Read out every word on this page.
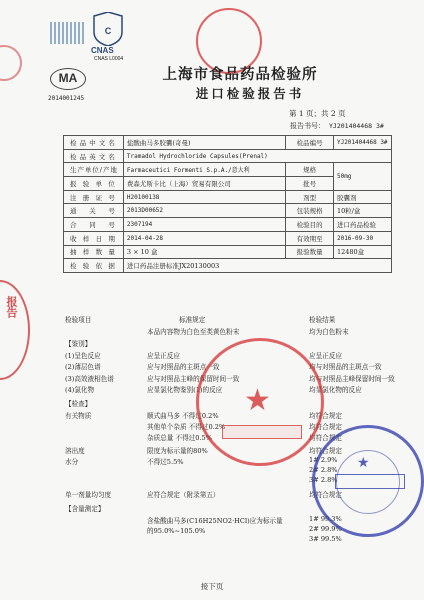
C
CNAS
CNAS L0004
MA
2014001245
上海市食品药品检验所
进口检验报告书
第 1 页；共 2 页
报告书号： YJ201404468 3#
检品中文名	盐酸曲马多胶囊(奇曼)	检品编号	YJ201404468 3#
检品英文名	Tramadol Hydrochloride Capsules(Prenal)		
生产单位/产地	Farmaceutici Formenti S.p.A./意大利	规格	50mg
报验单位	费森尤斯卡比（上海）贸易有限公司	批号	
注册证号	H20100138	剂型	胶囊剂
通关号	2013D00652	包装规格	10粒/盒
合同号	2307194	检验目的	进口药品检验
收样日期	2014-04-28	有效期至	2016-09-30
抽样数量	3 × 10 盒	报验数量	12480盒
检验依据	进口药品注册标准JX20130003		
检验项目	标准规定	检验结果
本品内容物为白色至类黄色粉末	均为白色粉末
【鉴别】
(1)呈色反应	应呈正反应	应呈正反应
(2)薄层色谱	应与对照品的主斑点一致	均与对照品的主斑点一致
(3)高效液相色谱	应与对照品主峰的保留时间一致	均与对照品主峰保留时间一致
(4)氯化物	应显氯化物鉴别(1)的反应	均显氯化物的反应
【检查】
有关物质	顺式曲马多 不得过0.2%	均符合规定
其他单个杂质 不得过0.2%	均符合规定
杂质总量 不得过0.5%	均符合规定
溶出度	限度为标示量的80%	均符合规定
水分	不得过5.5%	1# 2.9%
2# 2.8%
3# 2.8%
单一剂量均匀度	应符合规定（附录第五）	均符合规定
【含量测定】
含盐酸曲马多(C16H25NO2·HCl)应为标示量	1# 99.3%
的95.0%~105.0%	2# 99.9%
3# 99.5%
报告
★
★
接下页
